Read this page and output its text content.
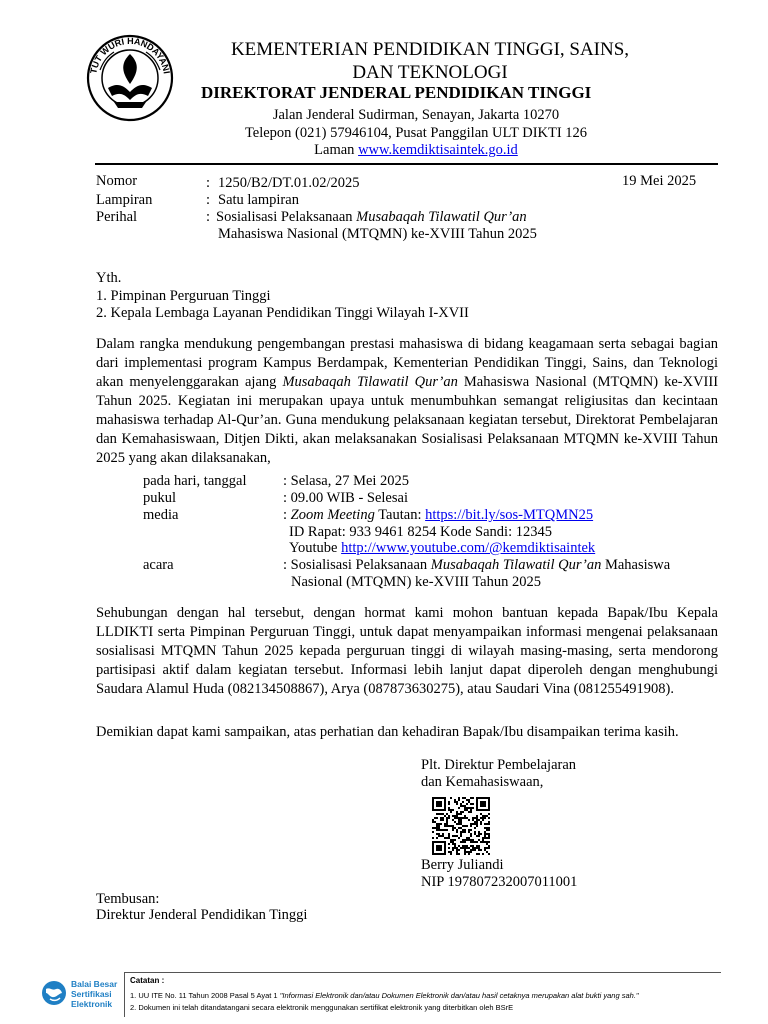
TUT WURI HANDAYANI
KEMENTERIAN PENDIDIKAN TINGGI, SAINS,
DAN TEKNOLOGI
DIREKTORAT JENDERAL PENDIDIKAN TINGGI
Jalan Jenderal Sudirman, Senayan, Jakarta 10270
Telepon (021) 57946104, Pusat Panggilan ULT DIKTI 126
Laman www.kemdiktisaintek.go.id
Nomor	: 1250/B2/DT.01.02/2025	19 Mei 2025
Lampiran	: Satu lampiran
Perihal	: Sosialisasi Pelaksanaan Musabaqah Tilawatil Qur’an
Mahasiswa Nasional (MTQMN) ke-XVIII Tahun 2025
Yth.
1. Pimpinan Perguruan Tinggi
2. Kepala Lembaga Layanan Pendidikan Tinggi Wilayah I-XVII

Dalam rangka mendukung pengembangan prestasi mahasiswa di bidang keagamaan serta sebagai bagian dari implementasi program Kampus Berdampak, Kementerian Pendidikan Tinggi, Sains, dan Teknologi akan menyelenggarakan ajang Musabaqah Tilawatil Qur’an Mahasiswa Nasional (MTQMN) ke-XVIII Tahun 2025. Kegiatan ini merupakan upaya untuk menumbuhkan semangat religiusitas dan kecintaan mahasiswa terhadap Al-Qur’an. Guna mendukung pelaksanaan kegiatan tersebut, Direktorat Pembelajaran dan Kemahasiswaan, Ditjen Dikti, akan melaksanakan Sosialisasi Pelaksanaan MTQMN ke-XVIII Tahun 2025 yang akan dilaksanakan,

pada hari, tanggal	: Selasa, 27 Mei 2025
pukul	: 09.00 WIB - Selesai
media	: Zoom Meeting Tautan: https://bit.ly/sos-MTQMN25
ID Rapat: 933 9461 8254 Kode Sandi: 12345
Youtube http://www.youtube.com/@kemdiktisaintek
acara	: Sosialisasi Pelaksanaan Musabaqah Tilawatil Qur’an Mahasiswa
Nasional (MTQMN) ke-XVIII Tahun 2025

Sehubungan dengan hal tersebut, dengan hormat kami mohon bantuan kepada Bapak/Ibu Kepala LLDIKTI serta Pimpinan Perguruan Tinggi, untuk dapat menyampaikan informasi mengenai pelaksanaan sosialisasi MTQMN Tahun 2025 kepada perguruan tinggi di wilayah masing-masing, serta mendorong partisipasi aktif dalam kegiatan tersebut. Informasi lebih lanjut dapat diperoleh dengan menghubungi Saudara Alamul Huda (082134508867), Arya (087873630275), atau Saudari Vina (081255491908).

Demikian dapat kami sampaikan, atas perhatian dan kehadiran Bapak/Ibu disampaikan terima kasih.

Plt. Direktur Pembelajaran
dan Kemahasiswaan,
Berry Juliandi
NIP 197807232007011001
Tembusan:
Direktur Jenderal Pendidikan Tinggi
Balai Besar
Sertifikasi
Elektronik
Catatan :
1. UU ITE No. 11 Tahun 2008 Pasal 5 Ayat 1 "Informasi Elektronik dan/atau Dokumen Elektronik dan/atau hasil cetaknya merupakan alat bukti yang sah."
2. Dokumen ini telah ditandatangani secara elektronik menggunakan sertifikat elektronik yang diterbitkan oleh BSrE
